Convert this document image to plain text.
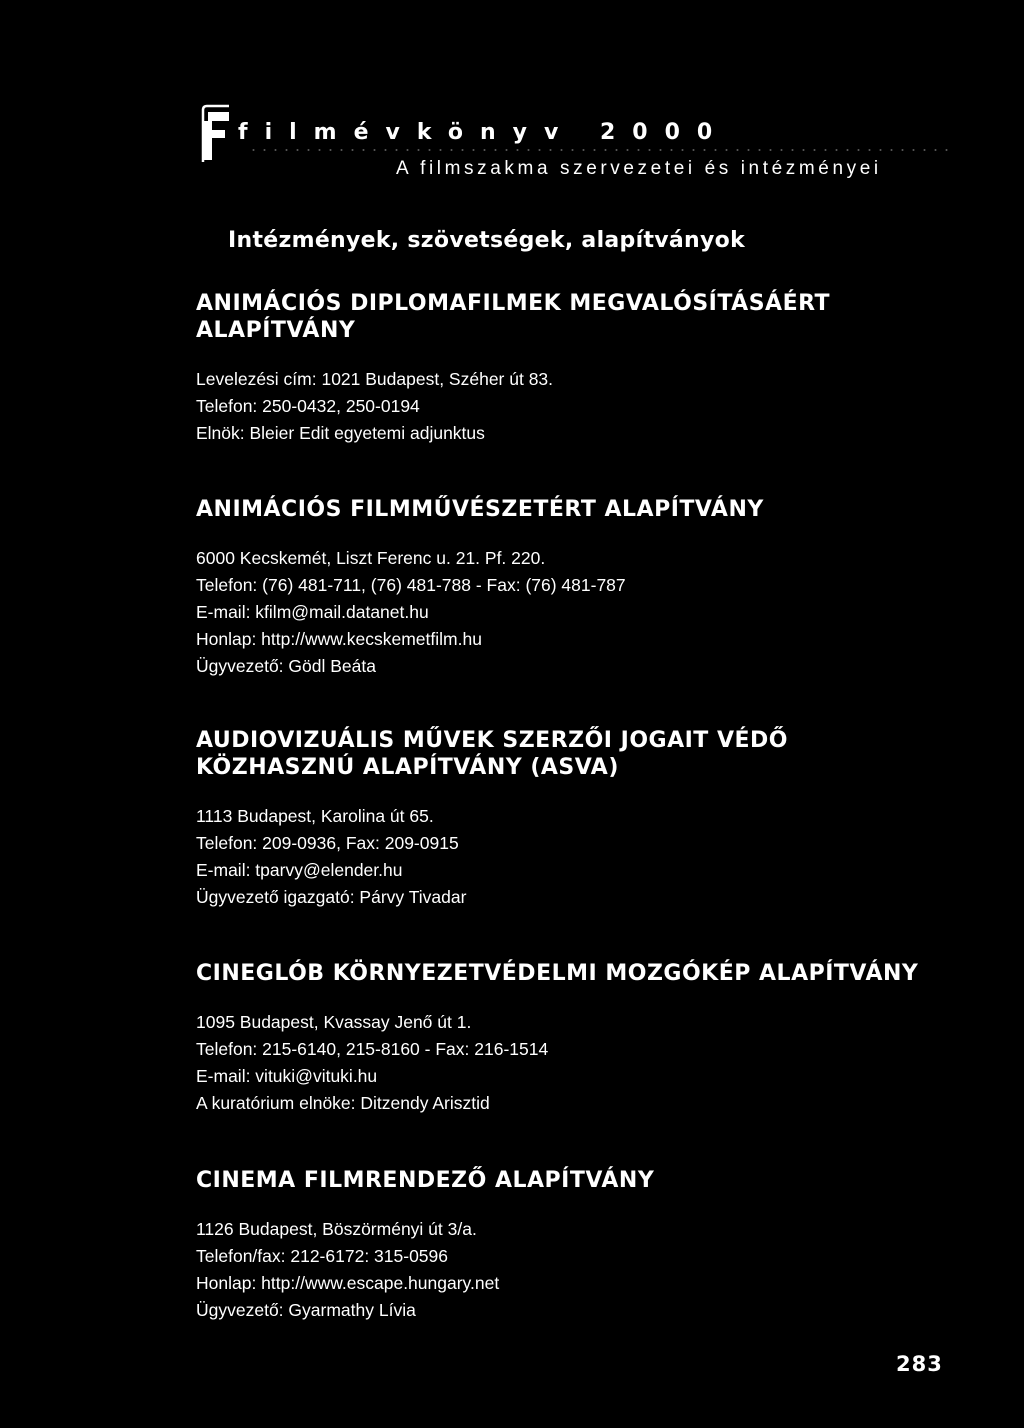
filmévkönyv 2000
A filmszakma szervezetei és intézményei
Intézmények, szövetségek, alapítványok
ANIMÁCIÓS DIPLOMAFILMEK MEGVALÓSÍTÁSÁÉRT
ALAPÍTVÁNY
Levelezési cím: 1021 Budapest, Széher út 83.
Telefon: 250-0432, 250-0194
Elnök: Bleier Edit egyetemi adjunktus
ANIMÁCIÓS FILMMŰVÉSZETÉRT ALAPÍTVÁNY
6000 Kecskemét, Liszt Ferenc u. 21. Pf. 220.
Telefon: (76) 481-711, (76) 481-788 - Fax: (76) 481-787
E-mail: kfilm@mail.datanet.hu
Honlap: http://www.kecskemetfilm.hu
Ügyvezető: Gödl Beáta
AUDIOVIZUÁLIS MŰVEK SZERZŐI JOGAIT VÉDŐ
KÖZHASZNÚ ALAPÍTVÁNY (ASVA)
1113 Budapest, Karolina út 65.
Telefon: 209-0936, Fax: 209-0915
E-mail: tparvy@elender.hu
Ügyvezető igazgató: Párvy Tivadar
CINEGLÓB KÖRNYEZETVÉDELMI MOZGÓKÉP ALAPÍTVÁNY
1095 Budapest, Kvassay Jenő út 1.
Telefon: 215-6140, 215-8160 - Fax: 216-1514
E-mail: vituki@vituki.hu
A kuratórium elnöke: Ditzendy Arisztid
CINEMA FILMRENDEZŐ ALAPÍTVÁNY
1126 Budapest, Böszörményi út 3/a.
Telefon/fax: 212-6172: 315-0596
Honlap: http://www.escape.hungary.net
Ügyvezető: Gyarmathy Lívia
283
